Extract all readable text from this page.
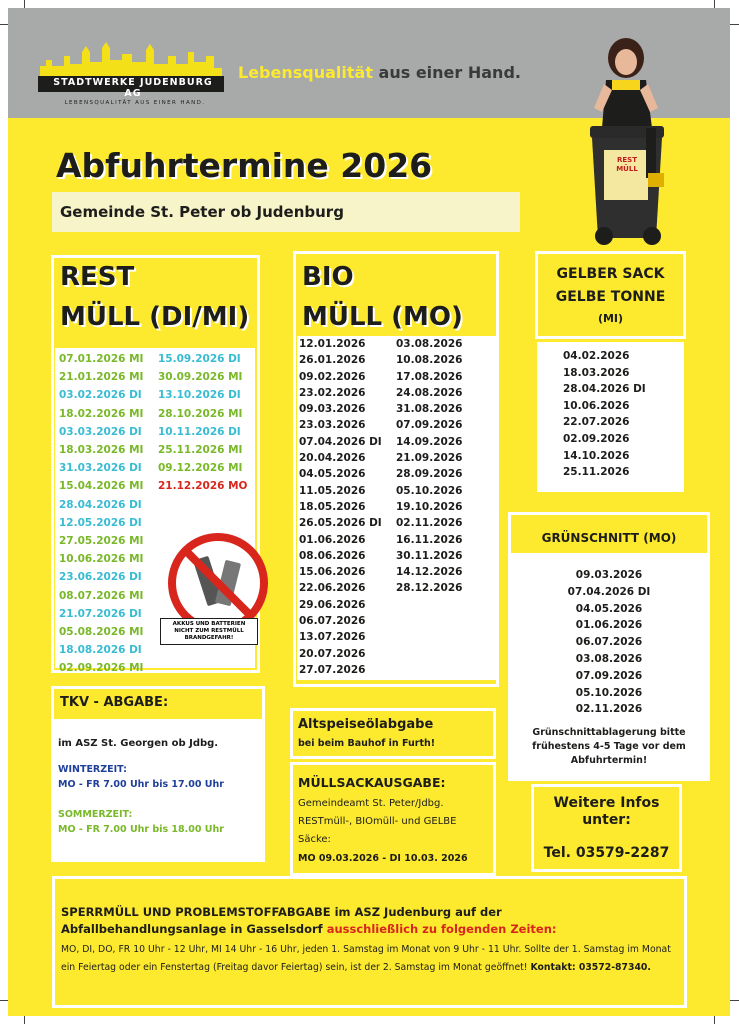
STADTWERKE JUDENBURG AG
LEBENSQUALITÄT AUS EINER HAND.
Lebensqualität aus einer Hand.
REST MÜLL
Abfuhrtermine 2026
Gemeinde St. Peter ob Judenburg
REST
MÜLL (DI/MI)
07.01.2026 MI
21.01.2026 MI
03.02.2026 DI
18.02.2026 MI
03.03.2026 DI
18.03.2026 MI
31.03.2026 DI
15.04.2026 MI
28.04.2026 DI
12.05.2026 DI
27.05.2026 MI
10.06.2026 MI
23.06.2026 DI
08.07.2026 MI
21.07.2026 DI
05.08.2026 MI
18.08.2026 DI
02.09.2026 MI
15.09.2026 DI
30.09.2026 MI
13.10.2026 DI
28.10.2026 MI
10.11.2026 DI
25.11.2026 MI
09.12.2026 MI
21.12.2026 MO
AKKUS UND BATTERIEN NICHT ZUM RESTMÜLL BRANDGEFAHR!
BIO
MÜLL (MO)
12.01.2026
26.01.2026
09.02.2026
23.02.2026
09.03.2026
23.03.2026
07.04.2026 DI
20.04.2026
04.05.2026
11.05.2026
18.05.2026
26.05.2026 DI
01.06.2026
08.06.2026
15.06.2026
22.06.2026
29.06.2026
06.07.2026
13.07.2026
20.07.2026
27.07.2026
03.08.2026
10.08.2026
17.08.2026
24.08.2026
31.08.2026
07.09.2026
14.09.2026
21.09.2026
28.09.2026
05.10.2026
19.10.2026
02.11.2026
16.11.2026
30.11.2026
14.12.2026
28.12.2026
GELBER SACK
GELBE TONNE
(MI)
04.02.2026
18.03.2026
28.04.2026 DI
10.06.2026
22.07.2026
02.09.2026
14.10.2026
25.11.2026
GRÜNSCHNITT (MO)
09.03.2026
07.04.2026 DI
04.05.2026
01.06.2026
06.07.2026
03.08.2026
07.09.2026
05.10.2026
02.11.2026
Grünschnittablagerung bitte frühestens 4-5 Tage vor dem Abfuhrtermin!
TKV - ABGABE:
im ASZ St. Georgen ob Jdbg.
WINTERZEIT:
MO - FR 7.00 Uhr bis 17.00 Uhr
SOMMERZEIT:
MO - FR 7.00 Uhr bis 18.00 Uhr
Altspeiseölabgabe
bei beim Bauhof in Furth!
MÜLLSACKAUSGABE:
Gemeindeamt St. Peter/Jdbg.
RESTmüll-, BIOmüll- und GELBE
Säcke:
MO 09.03.2026 - DI 10.03. 2026
Weitere Infos
unter:
Tel. 03579-2287
SPERRMÜLL UND PROBLEMSTOFFABGABE im ASZ Judenburg auf der
Abfallbehandlungsanlage in Gasselsdorf ausschließlich zu folgenden Zeiten:
MO, DI, DO, FR 10 Uhr - 12 Uhr, MI 14 Uhr - 16 Uhr, jeden 1. Samstag im Monat von 9 Uhr - 11 Uhr. Sollte der 1. Samstag im Monat ein Feiertag oder ein Fenstertag (Freitag davor Feiertag) sein, ist der 2. Samstag im Monat geöffnet! Kontakt: 03572-87340.
